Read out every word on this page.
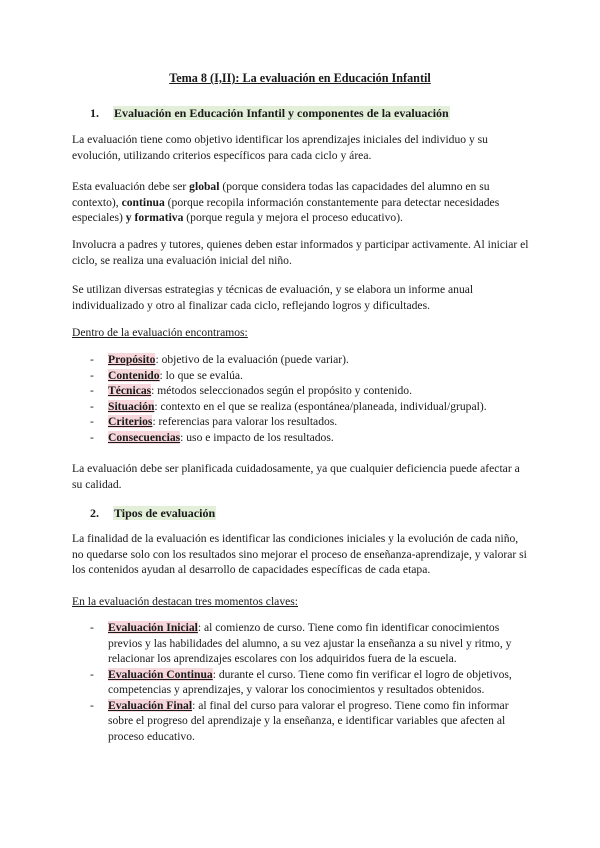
Tema 8 (I,II): La evaluación en Educación Infantil
1. Evaluación en Educación Infantil y componentes de la evaluación

La evaluación tiene como objetivo identificar los aprendizajes iniciales del individuo y su evolución, utilizando criterios específicos para cada ciclo y área.

Esta evaluación debe ser global (porque considera todas las capacidades del alumno en su contexto), continua (porque recopila información constantemente para detectar necesidades especiales) y formativa (porque regula y mejora el proceso educativo).

Involucra a padres y tutores, quienes deben estar informados y participar activamente. Al iniciar el ciclo, se realiza una evaluación inicial del niño.

Se utilizan diversas estrategias y técnicas de evaluación, y se elabora un informe anual individualizado y otro al finalizar cada ciclo, reflejando logros y dificultades.

Dentro de la evaluación encontramos:

- Propósito: objetivo de la evaluación (puede variar).
- Contenido: lo que se evalúa.
- Técnicas: métodos seleccionados según el propósito y contenido.
- Situación: contexto en el que se realiza (espontánea/planeada, individual/grupal).
- Criterios: referencias para valorar los resultados.
- Consecuencias: uso e impacto de los resultados.

La evaluación debe ser planificada cuidadosamente, ya que cualquier deficiencia puede afectar a su calidad.

2. Tipos de evaluación

La finalidad de la evaluación es identificar las condiciones iniciales y la evolución de cada niño, no quedarse solo con los resultados sino mejorar el proceso de enseñanza-aprendizaje, y valorar si los contenidos ayudan al desarrollo de capacidades específicas de cada etapa.

En la evaluación destacan tres momentos claves:

- Evaluación Inicial: al comienzo de curso. Tiene como fin identificar conocimientos previos y las habilidades del alumno, a su vez ajustar la enseñanza a su nivel y ritmo, y relacionar los aprendizajes escolares con los adquiridos fuera de la escuela.
- Evaluación Continua: durante el curso. Tiene como fin verificar el logro de objetivos, competencias y aprendizajes, y valorar los conocimientos y resultados obtenidos.
- Evaluación Final: al final del curso para valorar el progreso. Tiene como fin informar sobre el progreso del aprendizaje y la enseñanza, e identificar variables que afecten al proceso educativo.
